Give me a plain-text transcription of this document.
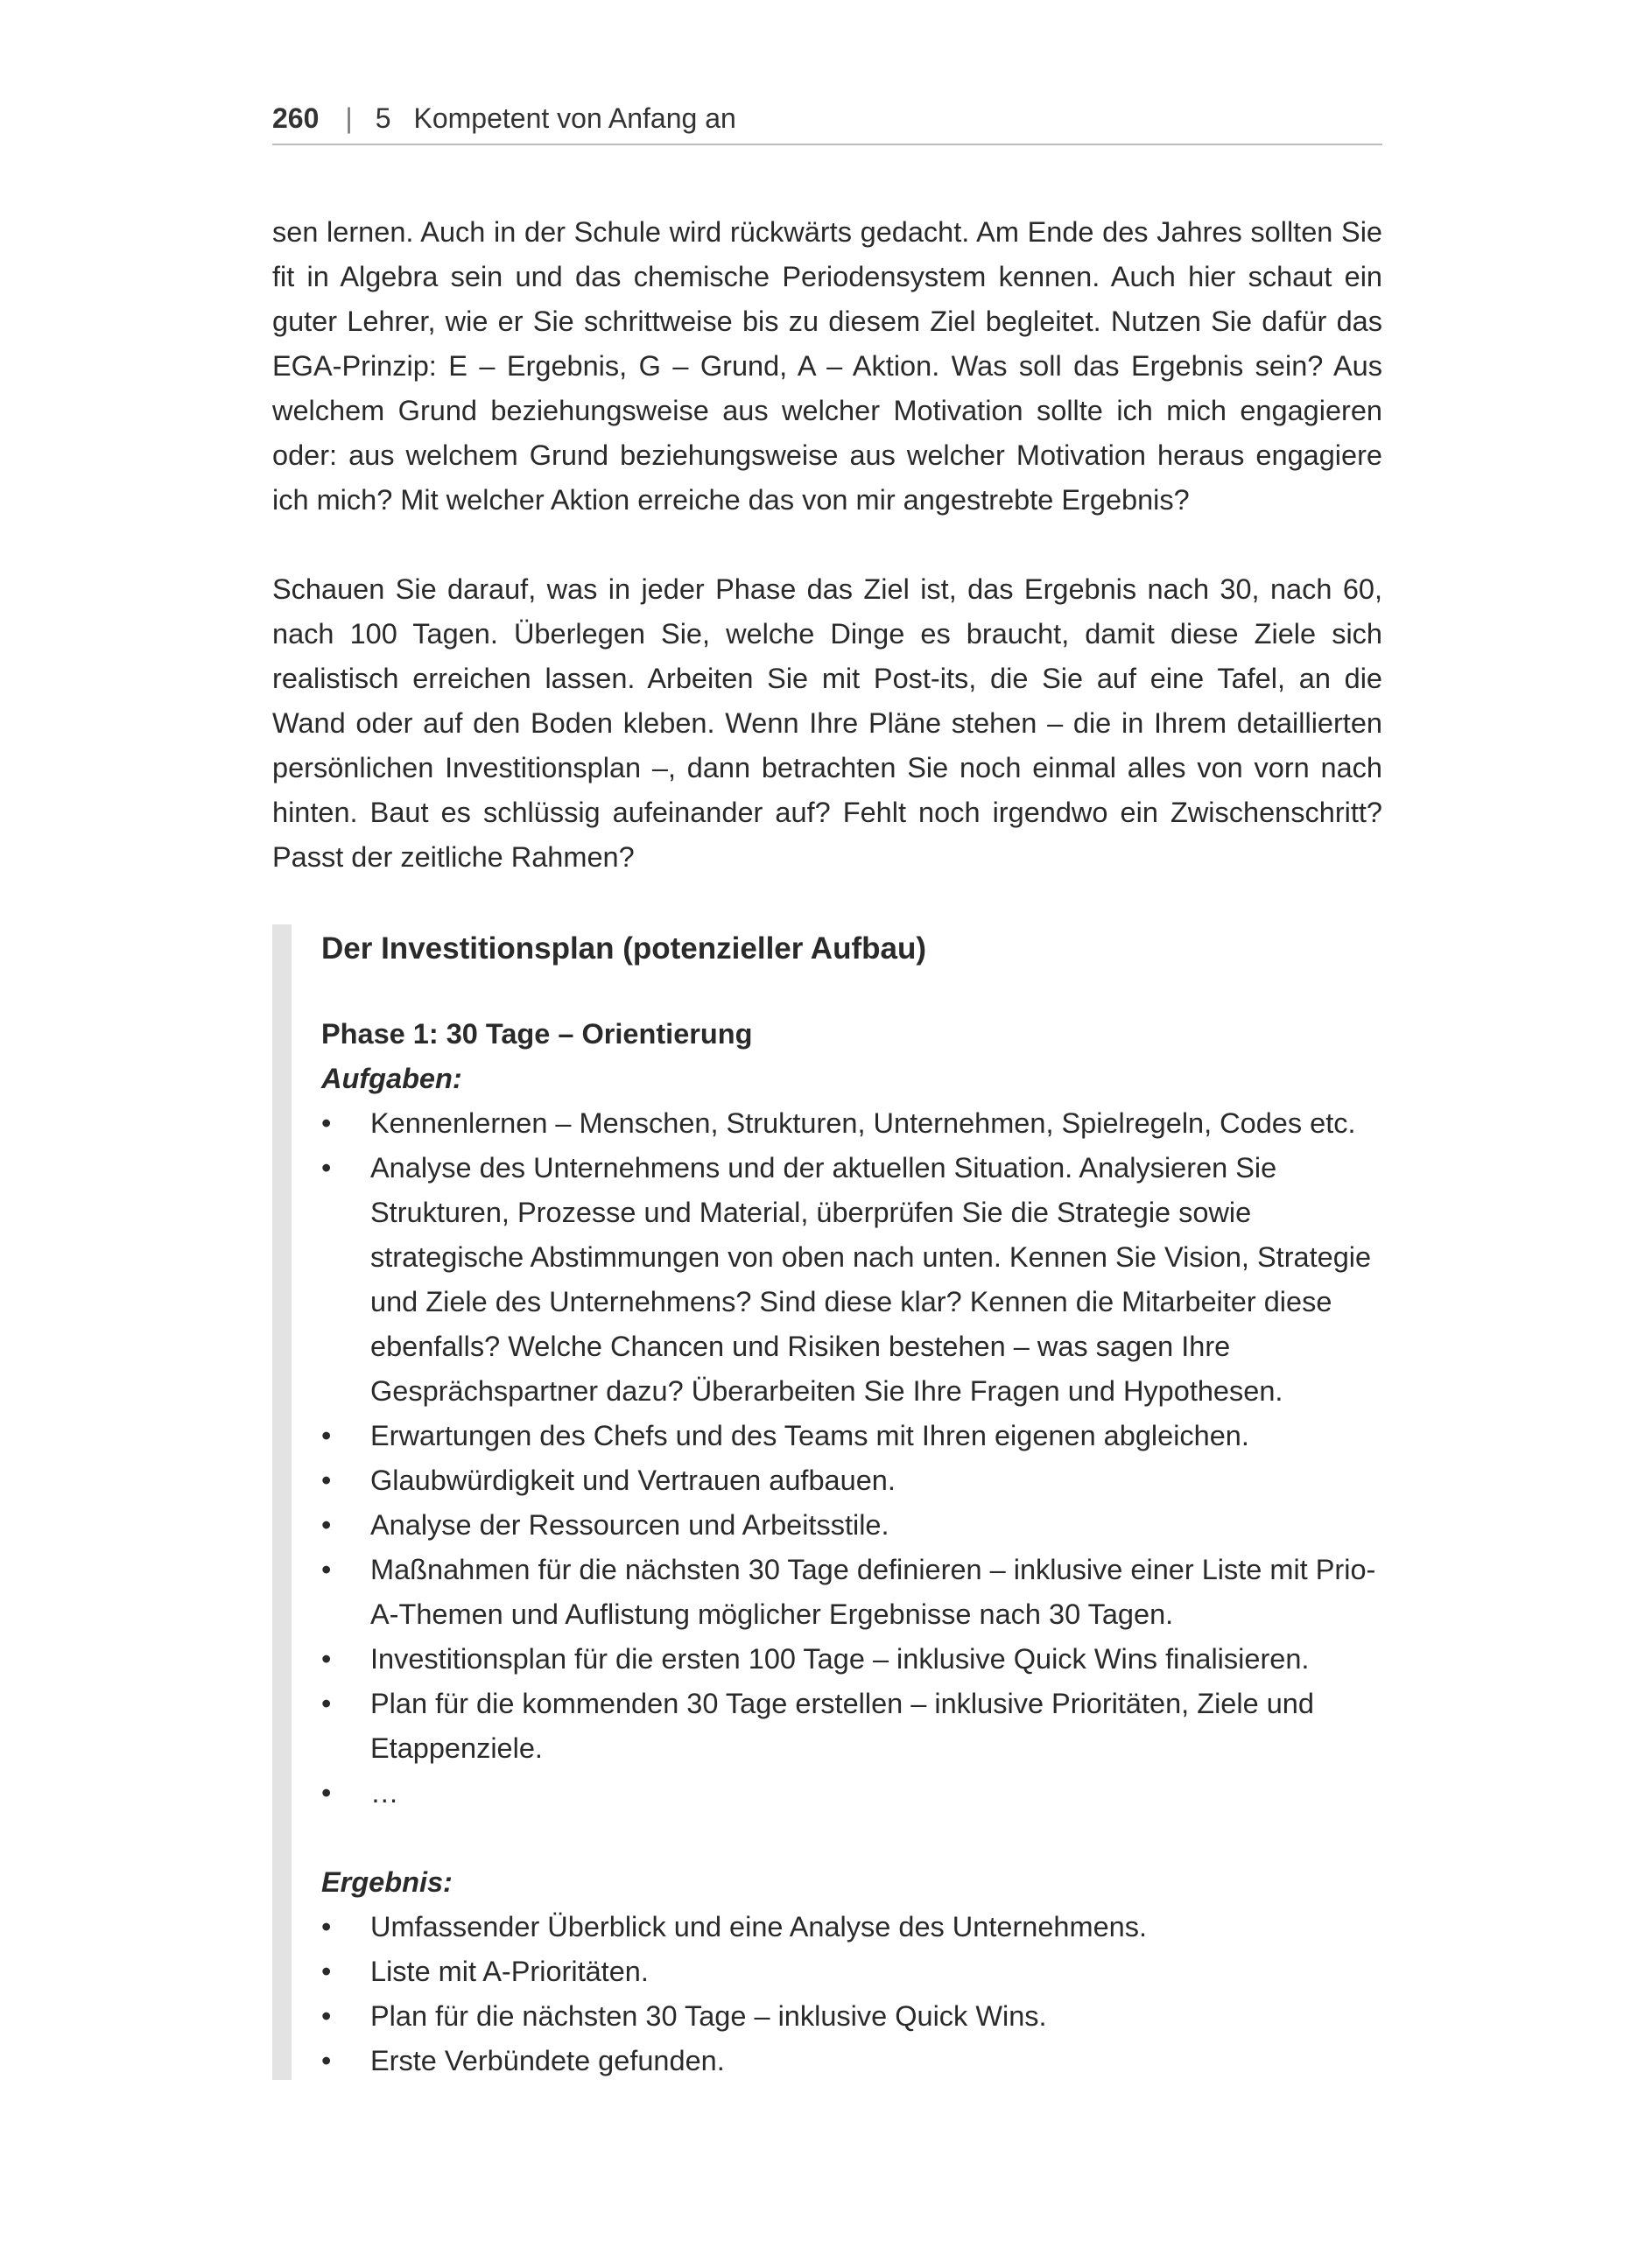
260 | 5 Kompetent von Anfang an

sen lernen. Auch in der Schule wird rückwärts gedacht. Am Ende des Jahres sollten Sie fit in Algebra sein und das chemische Periodensystem kennen. Auch hier schaut ein guter Lehrer, wie er Sie schrittweise bis zu diesem Ziel begleitet. Nutzen Sie dafür das EGA-Prinzip: E – Ergebnis, G – Grund, A – Aktion. Was soll das Ergebnis sein? Aus welchem Grund beziehungsweise aus welcher Motivation sollte ich mich engagieren oder: aus welchem Grund beziehungsweise aus welcher Motivation heraus engagiere ich mich? Mit welcher Aktion erreiche das von mir angestrebte Ergebnis?

Schauen Sie darauf, was in jeder Phase das Ziel ist, das Ergebnis nach 30, nach 60, nach 100 Tagen. Überlegen Sie, welche Dinge es braucht, damit diese Ziele sich realistisch erreichen lassen. Arbeiten Sie mit Post-its, die Sie auf eine Tafel, an die Wand oder auf den Boden kleben. Wenn Ihre Pläne stehen – die in Ihrem detaillierten persönlichen Investitionsplan –, dann betrachten Sie noch einmal alles von vorn nach hinten. Baut es schlüssig aufeinander auf? Fehlt noch irgendwo ein Zwischenschritt? Passt der zeitliche Rahmen?

Der Investitionsplan (potenzieller Aufbau)
Phase 1: 30 Tage – Orientierung
Aufgaben:
• Kennenlernen – Menschen, Strukturen, Unternehmen, Spielregeln, Codes etc.
• Analyse des Unternehmens und der aktuellen Situation. Analysieren Sie Strukturen, Prozesse und Material, überprüfen Sie die Strategie sowie strategische Abstimmungen von oben nach unten. Kennen Sie Vision, Strategie und Ziele des Unternehmens? Sind diese klar? Kennen die Mitarbeiter diese ebenfalls? Welche Chancen und Risiken bestehen – was sagen Ihre Gesprächspartner dazu? Überarbeiten Sie Ihre Fragen und Hypothesen.
• Erwartungen des Chefs und des Teams mit Ihren eigenen abgleichen.
• Glaubwürdigkeit und Vertrauen aufbauen.
• Analyse der Ressourcen und Arbeitsstile.
• Maßnahmen für die nächsten 30 Tage definieren – inklusive einer Liste mit Prio-A-Themen und Auflistung möglicher Ergebnisse nach 30 Tagen.
• Investitionsplan für die ersten 100 Tage – inklusive Quick Wins finalisieren.
• Plan für die kommenden 30 Tage erstellen – inklusive Prioritäten, Ziele und Etappenziele.
• …
Ergebnis:
• Umfassender Überblick und eine Analyse des Unternehmens.
• Liste mit A-Prioritäten.
• Plan für die nächsten 30 Tage – inklusive Quick Wins.
• Erste Verbündete gefunden.
